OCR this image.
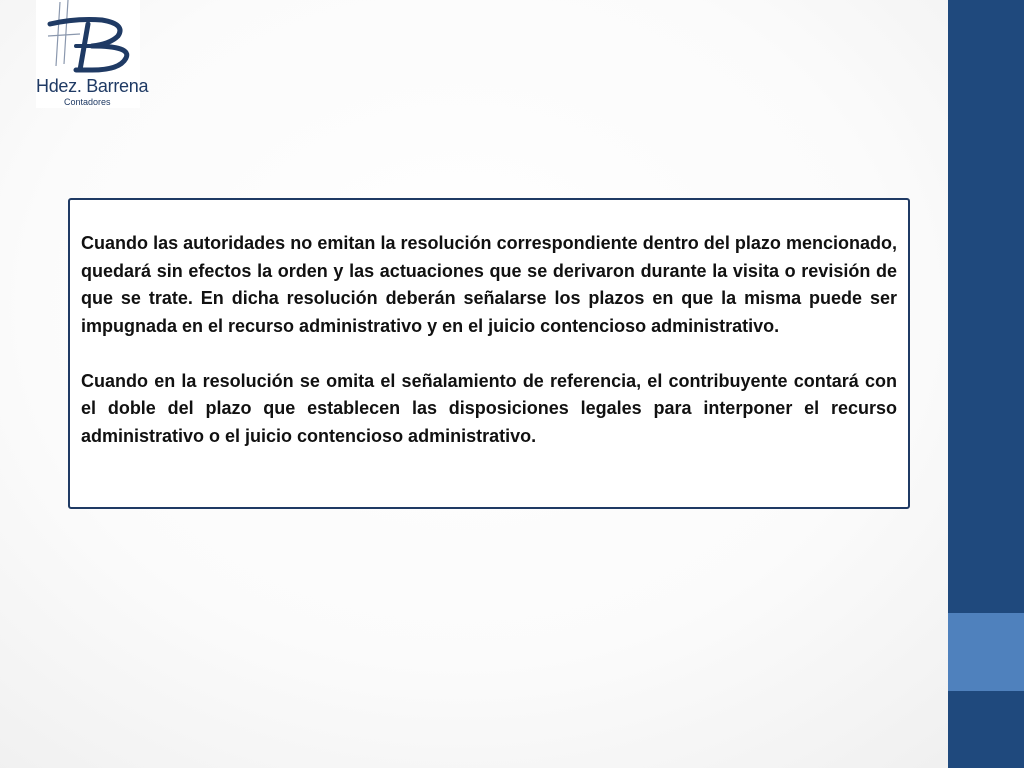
Hdez. Barrena
Contadores

Cuando las autoridades no emitan la resolución correspondiente dentro del plazo mencionado, quedará sin efectos la orden y las actuaciones que se derivaron durante la visita o revisión de que se trate. En dicha resolución deberán señalarse los plazos en que la misma puede ser impugnada en el recurso administrativo y en el juicio contencioso administrativo.

Cuando en la resolución se omita el señalamiento de referencia, el contribuyente contará con el doble del plazo que establecen las disposiciones legales para interponer el recurso administrativo o el juicio contencioso administrativo.
